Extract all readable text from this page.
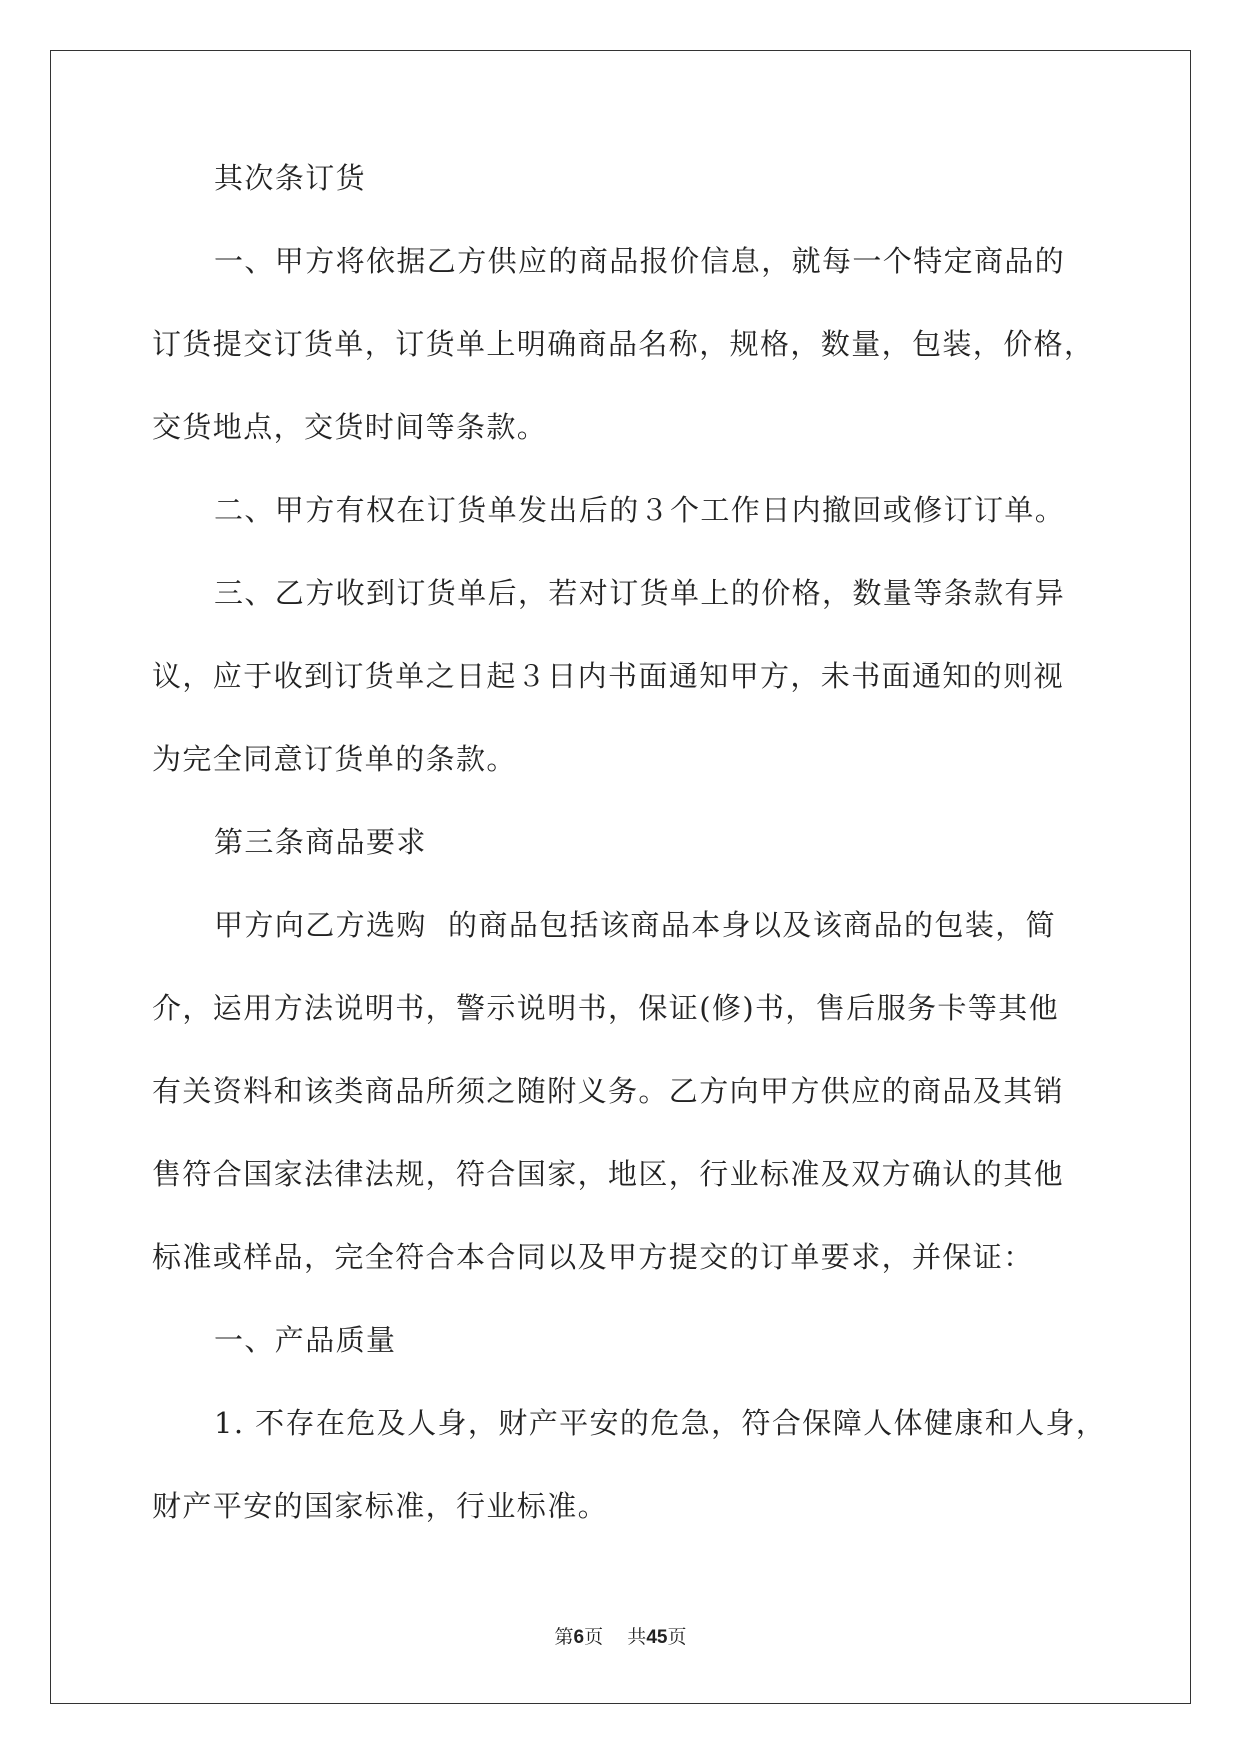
其次条订货
一、甲方将依据乙方供应的商品报价信息，就每一个特定商品的
订货提交订货单，订货单上明确商品名称，规格，数量，包装，价格，
交货地点，交货时间等条款。
二、甲方有权在订货单发出后的３个工作日内撤回或修订订单。
三、乙方收到订货单后，若对订货单上的价格，数量等条款有异
议，应于收到订货单之日起３日内书面通知甲方，未书面通知的则视
为完全同意订货单的条款。
第三条商品要求
甲方向乙方选购  的商品包括该商品本身以及该商品的包装，简
介，运用方法说明书，警示说明书，保证(修)书，售后服务卡等其他
有关资料和该类商品所须之随附义务。乙方向甲方供应的商品及其销
售符合国家法律法规，符合国家，地区，行业标准及双方确认的其他
标准或样品，完全符合本合同以及甲方提交的订单要求，并保证：
一、产品质量
1. 不存在危及人身，财产平安的危急，符合保障人体健康和人身，
财产平安的国家标准，行业标准。
第6页 共45页
